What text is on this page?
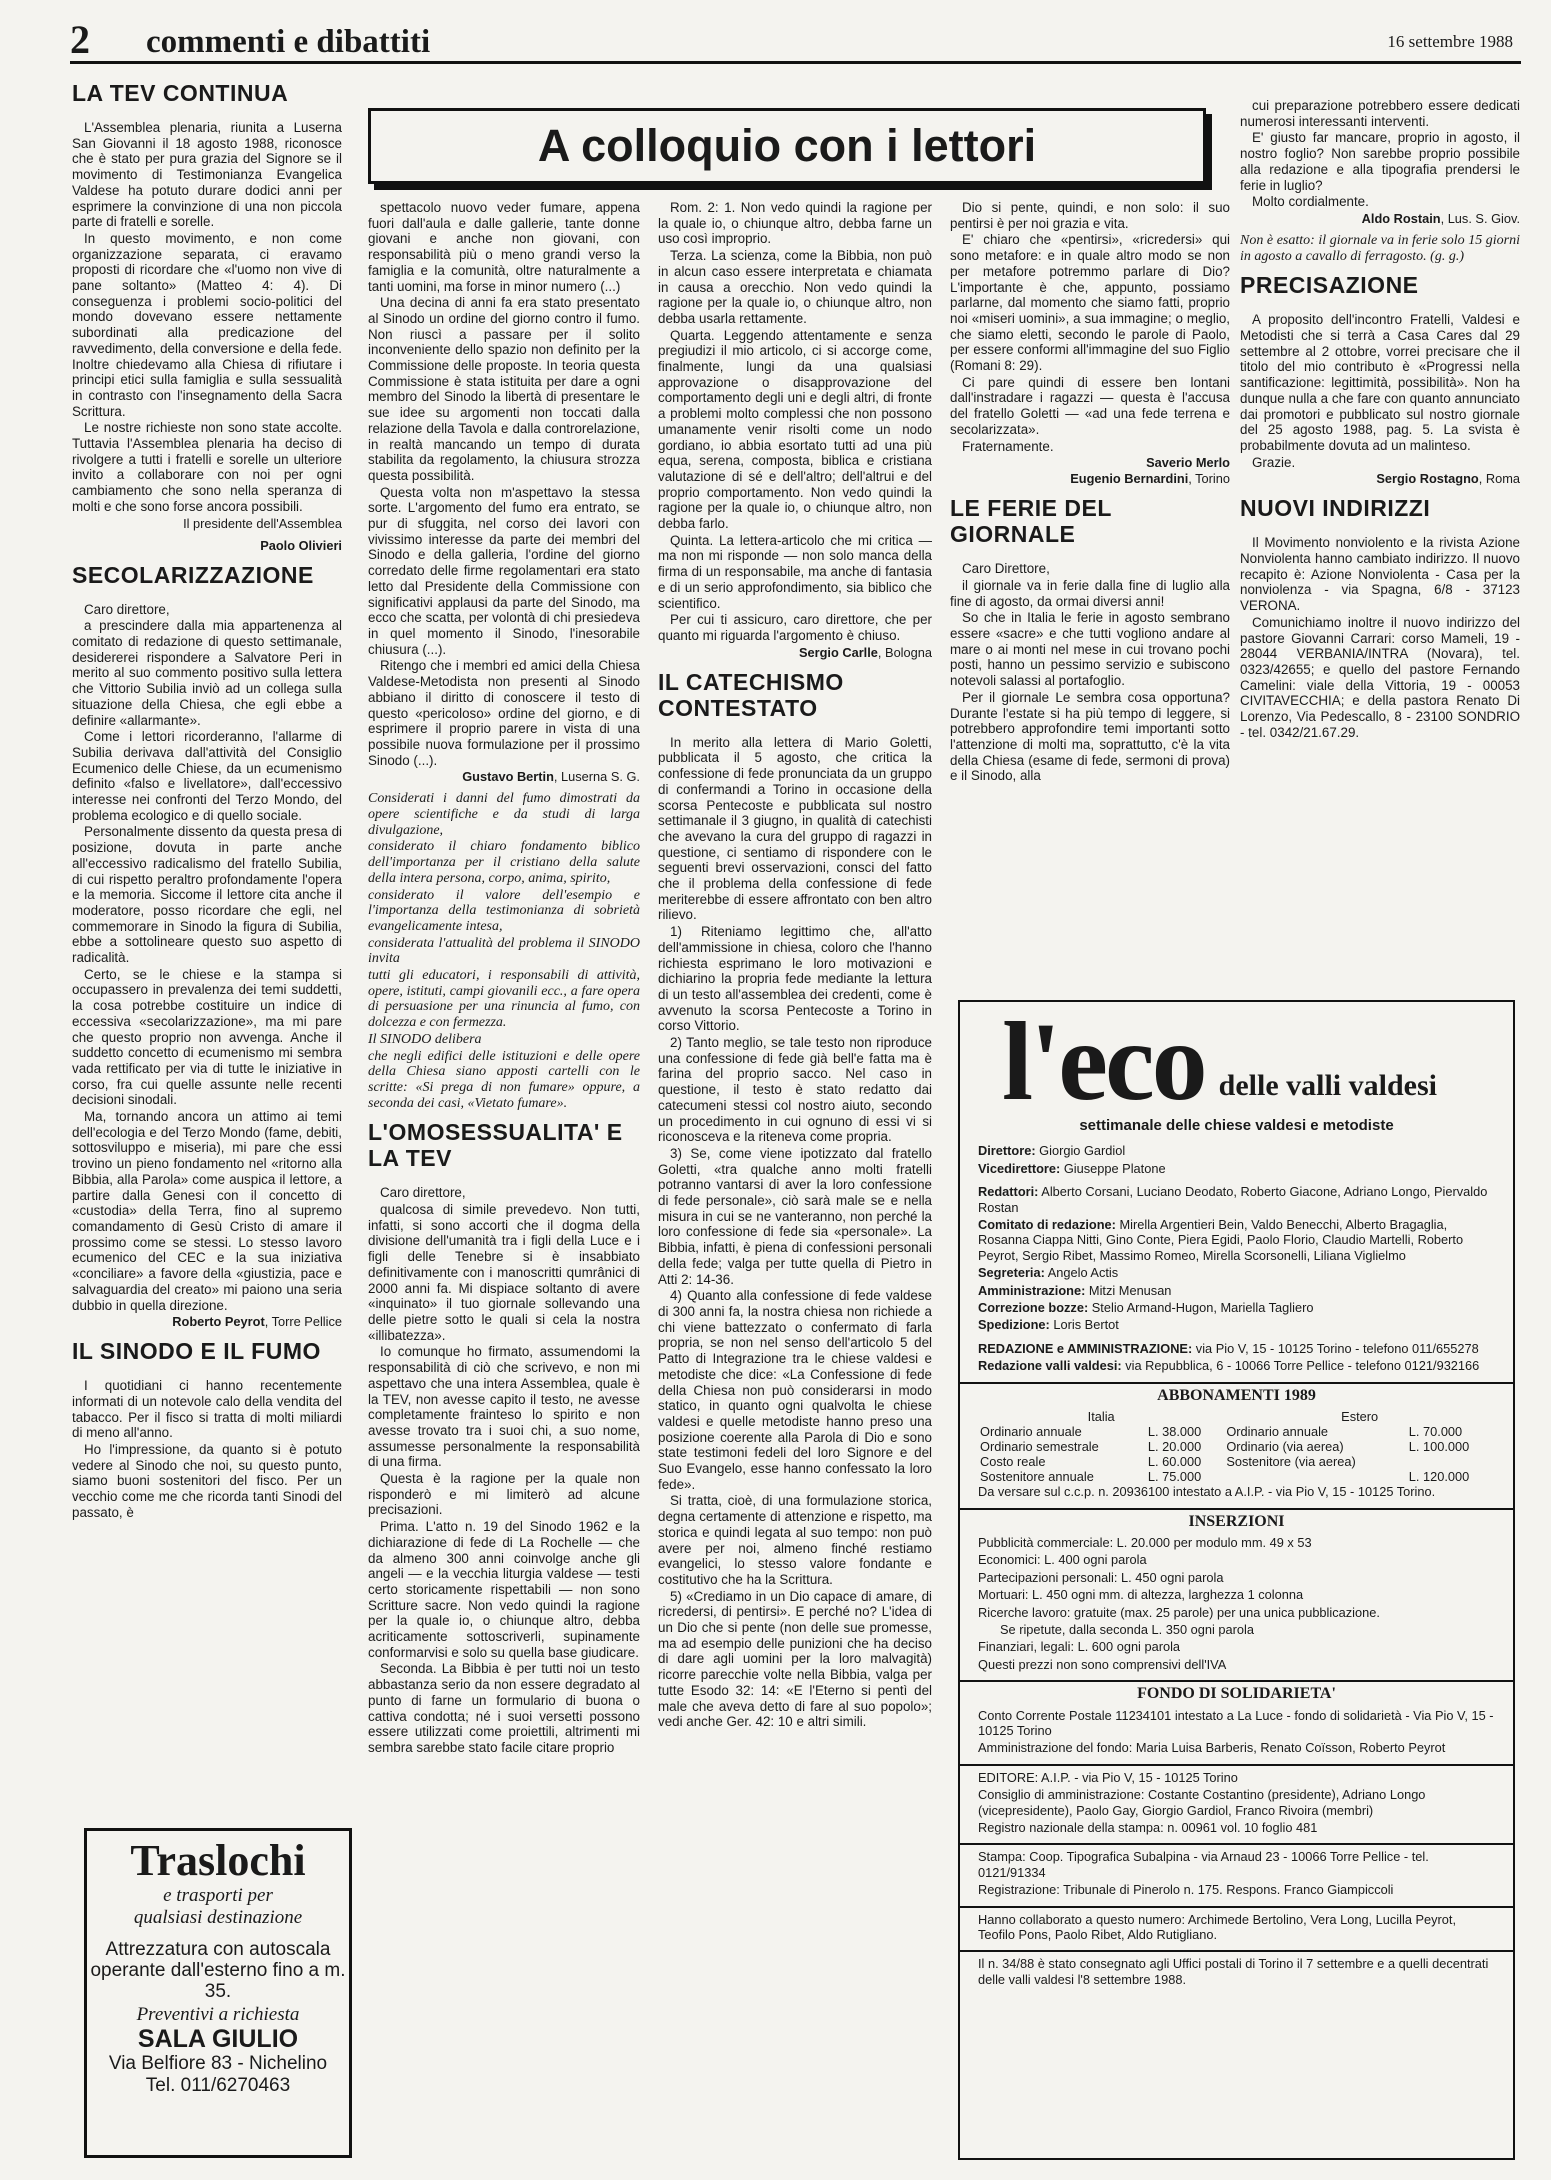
2 commenti e dibattiti	16 settembre 1988
A colloquio con i lettori
LA TEV CONTINUA

L'Assemblea plenaria, riunita a Luserna San Giovanni il 18 agosto 1988, riconosce che è stato per pura grazia del Signore se il movimento di Testimonianza Evangelica Valdese ha potuto durare dodici anni per esprimere la convinzione di una non piccola parte di fratelli e sorelle.

In questo movimento, e non come organizzazione separata, ci eravamo proposti di ricordare che «l'uomo non vive di pane soltanto» (Matteo 4: 4). Di conseguenza i problemi socio-politici del mondo dovevano essere nettamente subordinati alla predicazione del ravvedimento, della conversione e della fede. Inoltre chiedevamo alla Chiesa di rifiutare i principi etici sulla famiglia e sulla sessualità in contrasto con l'insegnamento della Sacra Scrittura.

Le nostre richieste non sono state accolte. Tuttavia l'Assemblea plenaria ha deciso di rivolgere a tutti i fratelli e sorelle un ulteriore invito a collaborare con noi per ogni cambiamento che sono nella speranza di molti e che sono forse ancora possibili.

Il presidente dell'Assemblea

Paolo Olivieri

SECOLARIZZAZIONE

Caro direttore,

a prescindere dalla mia appartenenza al comitato di redazione di questo settimanale, desidererei rispondere a Salvatore Peri in merito al suo commento positivo sulla lettera che Vittorio Subilia inviò ad un collega sulla situazione della Chiesa, che egli ebbe a definire «allarmante».

Come i lettori ricorderanno, l'allarme di Subilia derivava dall'attività del Consiglio Ecumenico delle Chiese, da un ecumenismo definito «falso e livellatore», dall'eccessivo interesse nei confronti del Terzo Mondo, del problema ecologico e di quello sociale.

Personalmente dissento da questa presa di posizione, dovuta in parte anche all'eccessivo radicalismo del fratello Subilia, di cui rispetto peraltro profondamente l'opera e la memoria. Siccome il lettore cita anche il moderatore, posso ricordare che egli, nel commemorare in Sinodo la figura di Subilia, ebbe a sottolineare questo suo aspetto di radicalità.

Certo, se le chiese e la stampa si occupassero in prevalenza dei temi suddetti, la cosa potrebbe costituire un indice di eccessiva «secolarizzazione», ma mi pare che questo proprio non avvenga. Anche il suddetto concetto di ecumenismo mi sembra vada rettificato per via di tutte le iniziative in corso, fra cui quelle assunte nelle recenti decisioni sinodali.

Ma, tornando ancora un attimo ai temi dell'ecologia e del Terzo Mondo (fame, debiti, sottosviluppo e miseria), mi pare che essi trovino un pieno fondamento nel «ritorno alla Bibbia, alla Parola» come auspica il lettore, a partire dalla Genesi con il concetto di «custodia» della Terra, fino al supremo comandamento di Gesù Cristo di amare il prossimo come se stessi. Lo stesso lavoro ecumenico del CEC e la sua iniziativa «conciliare» a favore della «giustizia, pace e salvaguardia del creato» mi paiono una seria dubbio in quella direzione.

Roberto Peyrot, Torre Pellice

IL SINODO E IL FUMO

I quotidiani ci hanno recentemente informati di un notevole calo della vendita del tabacco. Per il fisco si tratta di molti miliardi di meno all'anno.

Ho l'impressione, da quanto si è potuto vedere al Sinodo che noi, su questo punto, siamo buoni sostenitori del fisco. Per un vecchio come me che ricorda tanti Sinodi del passato, è

Traslochi
e trasporti per
qualsiasi destinazione
Attrezzatura con autoscala operante dall'esterno fino a m. 35.
Preventivi a richiesta
SALA GIULIO
Via Belfiore 83 - Nichelino
Tel. 011/6270463

spettacolo nuovo veder fumare, appena fuori dall'aula e dalle gallerie, tante donne giovani e anche non giovani, con responsabilità più o meno grandi verso la famiglia e la comunità, oltre naturalmente a tanti uomini, ma forse in minor numero (...)

Una decina di anni fa era stato presentato al Sinodo un ordine del giorno contro il fumo. Non riuscì a passare per il solito inconveniente dello spazio non definito per la Commissione delle proposte. In teoria questa Commissione è stata istituita per dare a ogni membro del Sinodo la libertà di presentare le sue idee su argomenti non toccati dalla relazione della Tavola e dalla controrelazione, in realtà mancando un tempo di durata stabilita da regolamento, la chiusura strozza questa possibilità.

Questa volta non m'aspettavo la stessa sorte. L'argomento del fumo era entrato, se pur di sfuggita, nel corso dei lavori con vivissimo interesse da parte dei membri del Sinodo e della galleria, l'ordine del giorno corredato delle firme regolamentari era stato letto dal Presidente della Commissione con significativi applausi da parte del Sinodo, ma ecco che scatta, per volontà di chi presiedeva in quel momento il Sinodo, l'inesorabile chiusura (...).

Ritengo che i membri ed amici della Chiesa Valdese-Metodista non presenti al Sinodo abbiano il diritto di conoscere il testo di questo «pericoloso» ordine del giorno, e di esprimere il proprio parere in vista di una possibile nuova formulazione per il prossimo Sinodo (...).

Gustavo Bertin, Luserna S. G.

Considerati i danni del fumo dimostrati da opere scientifiche e da studi di larga divulgazione,

considerato il chiaro fondamento biblico dell'importanza per il cristiano della salute della intera persona, corpo, anima, spirito,

considerato il valore dell'esempio e l'importanza della testimonianza di sobrietà evangelicamente intesa,

considerata l'attualità del problema il SINODO invita

tutti gli educatori, i responsabili di attività, opere, istituti, campi giovanili ecc., a fare opera di persuasione per una rinuncia al fumo, con dolcezza e con fermezza.

Il SINODO delibera

che negli edifici delle istituzioni e delle opere della Chiesa siano apposti cartelli con le scritte: «Si prega di non fumare» oppure, a seconda dei casi, «Vietato fumare».

L'OMOSESSUALITA' E LA TEV

Caro direttore,

qualcosa di simile prevedevo. Non tutti, infatti, si sono accorti che il dogma della divisione dell'umanità tra i figli della Luce e i figli delle Tenebre si è insabbiato definitivamente con i manoscritti qumrânici di 2000 anni fa. Mi dispiace soltanto di avere «inquinato» il tuo giornale sollevando una delle pietre sotto le quali si cela la nostra «illibatezza».

Io comunque ho firmato, assumendomi la responsabilità di ciò che scrivevo, e non mi aspettavo che una intera Assemblea, quale è la TEV, non avesse capito il testo, ne avesse completamente frainteso lo spirito e non avesse trovato tra i suoi chi, a suo nome, assumesse personalmente la responsabilità di una firma.

Questa è la ragione per la quale non risponderò e mi limiterò ad alcune precisazioni.

Prima. L'atto n. 19 del Sinodo 1962 e la dichiarazione di fede di La Rochelle — che da almeno 300 anni coinvolge anche gli angeli — e la vecchia liturgia valdese — testi certo storicamente rispettabili — non sono Scritture sacre. Non vedo quindi la ragione per la quale io, o chiunque altro, debba acriticamente sottoscriverli, supinamente conformarvisi e solo su quella base giudicare.

Seconda. La Bibbia è per tutti noi un testo abbastanza serio da non essere degradato al punto di farne un formulario di buona o cattiva condotta; né i suoi versetti possono essere utilizzati come proiettili, altrimenti mi sembra sarebbe stato facile citare proprio

Rom. 2: 1. Non vedo quindi la ragione per la quale io, o chiunque altro, debba farne un uso così improprio.

Terza. La scienza, come la Bibbia, non può in alcun caso essere interpretata e chiamata in causa a orecchio. Non vedo quindi la ragione per la quale io, o chiunque altro, non debba usarla rettamente.

Quarta. Leggendo attentamente e senza pregiudizi il mio articolo, ci si accorge come, finalmente, lungi da una qualsiasi approvazione o disapprovazione del comportamento degli uni e degli altri, di fronte a problemi molto complessi che non possono umanamente venir risolti come un nodo gordiano, io abbia esortato tutti ad una più equa, serena, composta, biblica e cristiana valutazione di sé e dell'altro; dell'altrui e del proprio comportamento. Non vedo quindi la ragione per la quale io, o chiunque altro, non debba farlo.

Quinta. La lettera-articolo che mi critica — ma non mi risponde — non solo manca della firma di un responsabile, ma anche di fantasia e di un serio approfondimento, sia biblico che scientifico.

Per cui ti assicuro, caro direttore, che per quanto mi riguarda l'argomento è chiuso.

Sergio Carlle, Bologna

IL CATECHISMO CONTESTATO

In merito alla lettera di Mario Goletti, pubblicata il 5 agosto, che critica la confessione di fede pronunciata da un gruppo di confermandi a Torino in occasione della scorsa Pentecoste e pubblicata sul nostro settimanale il 3 giugno, in qualità di catechisti che avevano la cura del gruppo di ragazzi in questione, ci sentiamo di rispondere con le seguenti brevi osservazioni, consci del fatto che il problema della confessione di fede meriterebbe di essere affrontato con ben altro rilievo.

1) Riteniamo legittimo che, all'atto dell'ammissione in chiesa, coloro che l'hanno richiesta esprimano le loro motivazioni e dichiarino la propria fede mediante la lettura di un testo all'assemblea dei credenti, come è avvenuto la scorsa Pentecoste a Torino in corso Vittorio.

2) Tanto meglio, se tale testo non riproduce una confessione di fede già bell'e fatta ma è farina del proprio sacco. Nel caso in questione, il testo è stato redatto dai catecumeni stessi col nostro aiuto, secondo un procedimento in cui ognuno di essi vi si riconosceva e la riteneva come propria.

3) Se, come viene ipotizzato dal fratello Goletti, «tra qualche anno molti fratelli potranno vantarsi di aver la loro confessione di fede personale», ciò sarà male se e nella misura in cui se ne vanteranno, non perché la loro confessione di fede sia «personale». La Bibbia, infatti, è piena di confessioni personali della fede; valga per tutte quella di Pietro in Atti 2: 14-36.

4) Quanto alla confessione di fede valdese di 300 anni fa, la nostra chiesa non richiede a chi viene battezzato o confermato di farla propria, se non nel senso dell'articolo 5 del Patto di Integrazione tra le chiese valdesi e metodiste che dice: «La Confessione di fede della Chiesa non può considerarsi in modo statico, in quanto ogni qualvolta le chiese valdesi e quelle metodiste hanno preso una posizione coerente alla Parola di Dio e sono state testimoni fedeli del loro Signore e del Suo Evangelo, esse hanno confessato la loro fede».

Si tratta, cioè, di una formulazione storica, degna certamente di attenzione e rispetto, ma storica e quindi legata al suo tempo: non può avere per noi, almeno finché restiamo evangelici, lo stesso valore fondante e costitutivo che ha la Scrittura.

5) «Crediamo in un Dio capace di amare, di ricredersi, di pentirsi». E perché no? L'idea di un Dio che si pente (non delle sue promesse, ma ad esempio delle punizioni che ha deciso di dare agli uomini per la loro malvagità) ricorre parecchie volte nella Bibbia, valga per tutte Esodo 32: 14: «E l'Eterno si pentì del male che aveva detto di fare al suo popolo»; vedi anche Ger. 42: 10 e altri simili.

Dio si pente, quindi, e non solo: il suo pentirsi è per noi grazia e vita.

E' chiaro che «pentirsi», «ricredersi» qui sono metafore: e in quale altro modo se non per metafore potremmo parlare di Dio? L'importante è che, appunto, possiamo parlarne, dal momento che siamo fatti, proprio noi «miseri uomini», a sua immagine; o meglio, che siamo eletti, secondo le parole di Paolo, per essere conformi all'immagine del suo Figlio (Romani 8: 29).

Ci pare quindi di essere ben lontani dall'instradare i ragazzi — questa è l'accusa del fratello Goletti — «ad una fede terrena e secolarizzata».

Fraternamente.

Saverio Merlo

Eugenio Bernardini, Torino

LE FERIE DEL GIORNALE

Caro Direttore,

il giornale va in ferie dalla fine di luglio alla fine di agosto, da ormai diversi anni!

So che in Italia le ferie in agosto sembrano essere «sacre» e che tutti vogliono andare al mare o ai monti nel mese in cui trovano pochi posti, hanno un pessimo servizio e subiscono notevoli salassi al portafoglio.

Per il giornale Le sembra cosa opportuna? Durante l'estate si ha più tempo di leggere, si potrebbero approfondire temi importanti sotto l'attenzione di molti ma, soprattutto, c'è la vita della Chiesa (esame di fede, sermoni di prova) e il Sinodo, alla

cui preparazione potrebbero essere dedicati numerosi interessanti interventi.

E' giusto far mancare, proprio in agosto, il nostro foglio? Non sarebbe proprio possibile alla redazione e alla tipografia prendersi le ferie in luglio?

Molto cordialmente.

Aldo Rostain, Lus. S. Giov.

Non è esatto: il giornale va in ferie solo 15 giorni in agosto a cavallo di ferragosto. (g. g.)

PRECISAZIONE

A proposito dell'incontro Fratelli, Valdesi e Metodisti che si terrà a Casa Cares dal 29 settembre al 2 ottobre, vorrei precisare che il titolo del mio contributo è «Progressi nella santificazione: legittimità, possibilità». Non ha dunque nulla a che fare con quanto annunciato dai promotori e pubblicato sul nostro giornale del 25 agosto 1988, pag. 5. La svista è probabilmente dovuta ad un malinteso.

Grazie.

Sergio Rostagno, Roma

NUOVI INDIRIZZI

Il Movimento nonviolento e la rivista Azione Nonviolenta hanno cambiato indirizzo. Il nuovo recapito è: Azione Nonviolenta - Casa per la nonviolenza - via Spagna, 6/8 - 37123 VERONA.

Comunichiamo inoltre il nuovo indirizzo del pastore Giovanni Carrari: corso Mameli, 19 - 28044 VERBANIA/INTRA (Novara), tel. 0323/42655; e quello del pastore Fernando Camelini: viale della Vittoria, 19 - 00053 CIVITAVECCHIA; e della pastora Renato Di Lorenzo, Via Pedescallo, 8 - 23100 SONDRIO - tel. 0342/21.67.29.

l'eco delle valli valdesi
settimanale delle chiese valdesi e metodiste

Direttore: Giorgio Gardiol

Vicedirettore: Giuseppe Platone

Redattori: Alberto Corsani, Luciano Deodato, Roberto Giacone, Adriano Longo, Piervaldo Rostan

Comitato di redazione: Mirella Argentieri Bein, Valdo Benecchi, Alberto Bragaglia, Rosanna Ciappa Nitti, Gino Conte, Piera Egidi, Paolo Florio, Claudio Martelli, Roberto Peyrot, Sergio Ribet, Massimo Romeo, Mirella Scorsonelli, Liliana Viglielmo

Segreteria: Angelo Actis

Amministrazione: Mitzi Menusan

Correzione bozze: Stelio Armand-Hugon, Mariella Tagliero

Spedizione: Loris Bertot

REDAZIONE e AMMINISTRAZIONE: via Pio V, 15 - 10125 Torino - telefono 011/655278

Redazione valli valdesi: via Repubblica, 6 - 10066 Torre Pellice - telefono 0121/932166

ABBONAMENTI 1989
Italia		Estero	
Ordinario annuale	L. 38.000	Ordinario annuale	L. 70.000
Ordinario semestrale	L. 20.000	Ordinario (via aerea)	L. 100.000
Costo reale	L. 60.000	Sostenitore (via aerea)	
Sostenitore annuale	L. 75.000		L. 120.000

Da versare sul c.c.p. n. 20936100 intestato a A.I.P. - via Pio V, 15 - 10125 Torino.

INSERZIONI

Pubblicità commerciale: L. 20.000 per modulo mm. 49 x 53

Economici: L. 400 ogni parola

Partecipazioni personali: L. 450 ogni parola

Mortuari: L. 450 ogni mm. di altezza, larghezza 1 colonna

Ricerche lavoro: gratuite (max. 25 parole) per una unica pubblicazione.

Se ripetute, dalla seconda L. 350 ogni parola

Finanziari, legali: L. 600 ogni parola

Questi prezzi non sono comprensivi dell'IVA

FONDO DI SOLIDARIETA'

Conto Corrente Postale 11234101 intestato a La Luce - fondo di solidarietà - Via Pio V, 15 - 10125 Torino

Amministrazione del fondo: Maria Luisa Barberis, Renato Coïsson, Roberto Peyrot

EDITORE: A.I.P. - via Pio V, 15 - 10125 Torino

Consiglio di amministrazione: Costante Costantino (presidente), Adriano Longo (vicepresidente), Paolo Gay, Giorgio Gardiol, Franco Rivoira (membri)

Registro nazionale della stampa: n. 00961 vol. 10 foglio 481

Stampa: Coop. Tipografica Subalpina - via Arnaud 23 - 10066 Torre Pellice - tel. 0121/91334

Registrazione: Tribunale di Pinerolo n. 175. Respons. Franco Giampiccoli

Hanno collaborato a questo numero: Archimede Bertolino, Vera Long, Lucilla Peyrot, Teofilo Pons, Paolo Ribet, Aldo Rutigliano.

Il n. 34/88 è stato consegnato agli Uffici postali di Torino il 7 settembre e a quelli decentrati delle valli valdesi l'8 settembre 1988.
